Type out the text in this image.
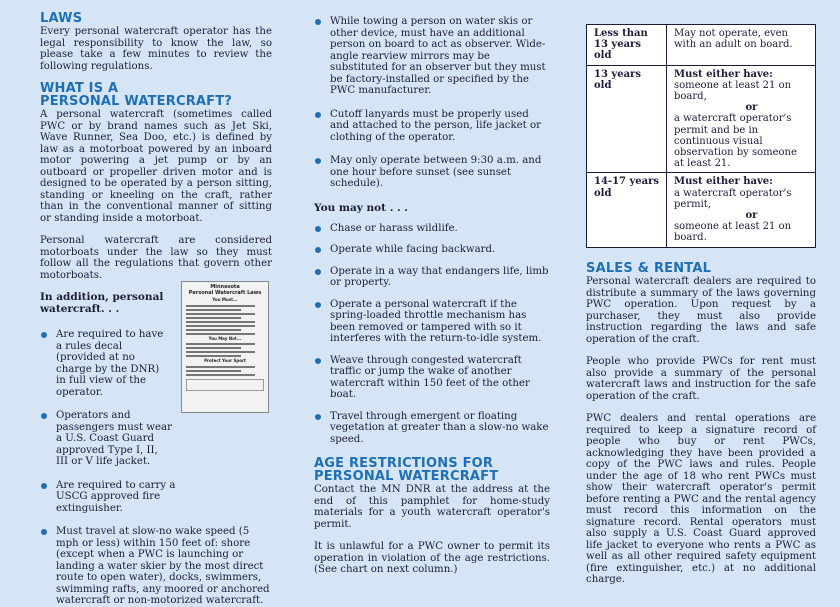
LAWS

Every personal watercraft operator has the legal responsibility to know the law, so please take a few minutes to review the following regulations.

WHAT IS A
PERSONAL WATERCRAFT?

A personal watercraft (sometimes called PWC or by brand names such as Jet Ski, Wave Runner, Sea Doo, etc.) is defined by law as a motorboat powered by an inboard motor powering a jet pump or by an outboard or propeller driven motor and is designed to be operated by a person sitting, standing or kneeling on the craft, rather than in the conventional manner of sitting or standing inside a motorboat.

Personal watercraft are considered motorboats under the law so they must follow all the regulations that govern other motorboats.

In addition, personal
watercraft. . .
Are required to have a rules decal (provided at no charge by the DNR) in full view of the operator.
Operators and passengers must wear a U.S. Coast Guard approved Type I, II, III or V life jacket.
Are required to carry a USCG approved fire extinguisher.
Must travel at slow-no wake speed (5 mph or less) within 150 feet of: shore (except when a PWC is launching or landing a water skier by the most direct route to open water), docks, swimmers, swimming rafts, any moored or anchored watercraft or non-motorized watercraft.
Minnesota
Personal Watercraft Laws
You Must...
You May Not...
Protect Your Sport
While towing a person on water skis or other device, must have an additional person on board to act as observer. Wide-angle rearview mirrors may be substituted for an observer but they must be factory-installed or specified by the PWC manufacturer.
Cutoff lanyards must be properly used and attached to the person, life jacket or clothing of the operator.
May only operate between 9:30 a.m. and one hour before sunset (see sunset schedule).
You may not . . .
Chase or harass wildlife.
Operate while facing backward.
Operate in a way that endangers life, limb or property.
Operate a personal watercraft if the spring-loaded throttle mechanism has been removed or tampered with so it interferes with the return-to-idle system.
Weave through congested watercraft traffic or jump the wake of another watercraft within 150 feet of the other boat.
Travel through emergent or floating vegetation at greater than a slow-no wake speed.
AGE RESTRICTIONS FOR
PERSONAL WATERCRAFT

Contact the MN DNR at the address at the end of this pamphlet for home-study materials for a youth watercraft operator's permit.

It is unlawful for a PWC owner to permit its operation in violation of the age restrictions. (See chart on next column.)

Less than 13 years old	May not operate, even with an adult on board.
13 years old	Must either have:
someone at least 21 on board,
or
a watercraft operator's permit and be in continuous visual observation by someone at least 21.

14-17 years old	Must either have:
a watercraft operator's permit,
or
someone at least 21 on board.
SALES & RENTAL

Personal watercraft dealers are required to distribute a summary of the laws governing PWC operation. Upon request by a purchaser, they must also provide instruction regarding the laws and safe operation of the craft.

People who provide PWCs for rent must also provide a summary of the personal watercraft laws and instruction for the safe operation of the craft.

PWC dealers and rental operations are required to keep a signature record of people who buy or rent PWCs, acknowledging they have been provided a copy of the PWC laws and rules. People under the age of 18 who rent PWCs must show their watercraft operator's permit before renting a PWC and the rental agency must record this information on the signature record. Rental operators must also supply a U.S. Coast Guard approved life jacket to everyone who rents a PWC as well as all other required safety equipment (fire extinguisher, etc.) at no additional charge.
